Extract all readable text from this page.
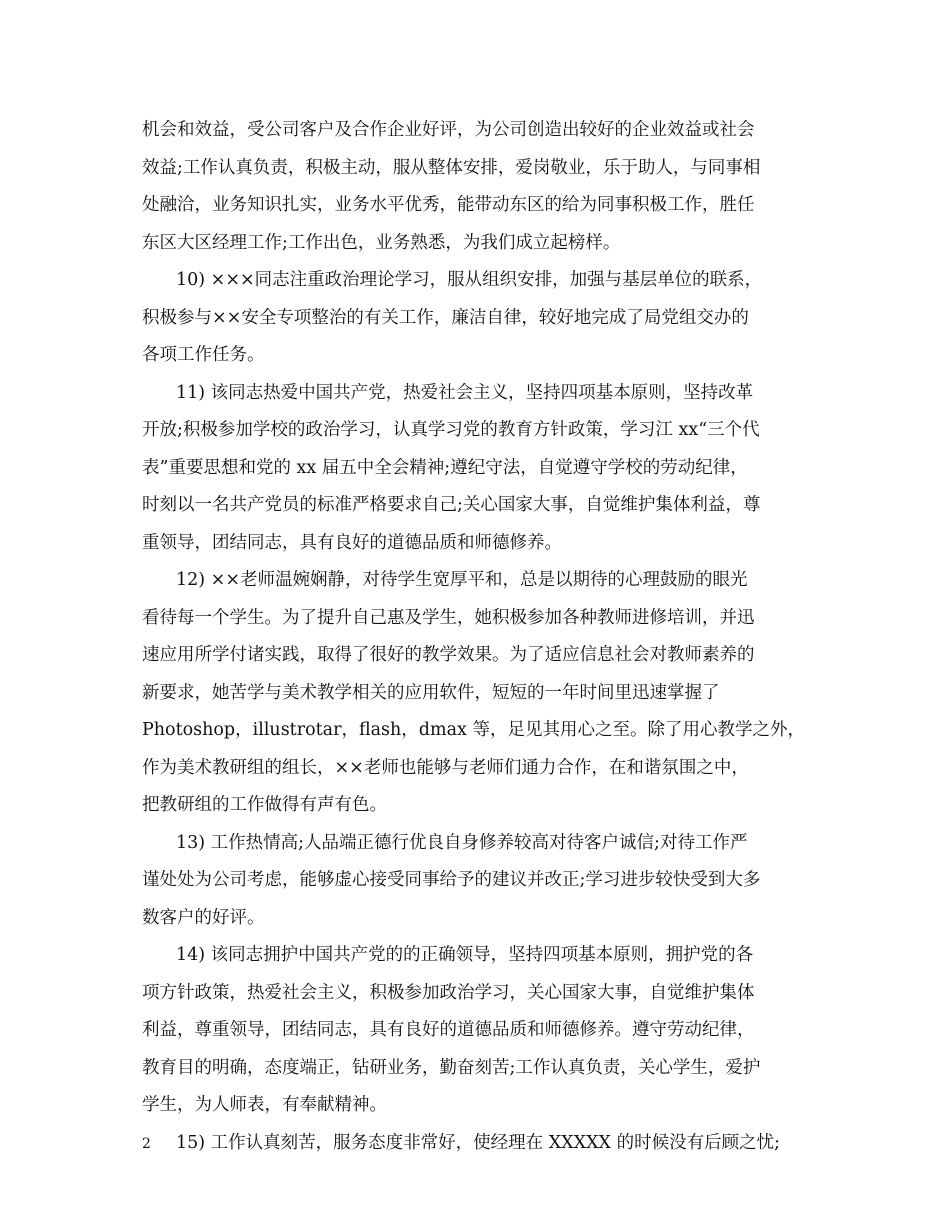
机会和效益，受公司客户及合作企业好评，为公司创造出较好的企业效益或社会
效益;工作认真负责，积极主动，服从整体安排，爱岗敬业，乐于助人，与同事相
处融洽，业务知识扎实，业务水平优秀，能带动东区的给为同事积极工作，胜任
东区大区经理工作;工作出色，业务熟悉，为我们成立起榜样。
10) ×××同志注重政治理论学习，服从组织安排，加强与基层单位的联系，
积极参与××安全专项整治的有关工作，廉洁自律，较好地完成了局党组交办的
各项工作任务。
11) 该同志热爱中国共产党，热爱社会主义，坚持四项基本原则，坚持改革
开放;积极参加学校的政治学习，认真学习党的教育方针政策，学习江 xx“三个代
表”重要思想和党的 xx 届五中全会精神;遵纪守法，自觉遵守学校的劳动纪律，
时刻以一名共产党员的标准严格要求自己;关心国家大事，自觉维护集体利益，尊
重领导，团结同志，具有良好的道德品质和师德修养。
12) ××老师温婉娴静，对待学生宽厚平和，总是以期待的心理鼓励的眼光
看待每一个学生。为了提升自己惠及学生，她积极参加各种教师进修培训，并迅
速应用所学付诸实践，取得了很好的教学效果。为了适应信息社会对教师素养的
新要求，她苦学与美术教学相关的应用软件，短短的一年时间里迅速掌握了
Photoshop，illustrotar，flash，dmax 等，足见其用心之至。除了用心教学之外，
作为美术教研组的组长，××老师也能够与老师们通力合作，在和谐氛围之中，
把教研组的工作做得有声有色。
13) 工作热情高;人品端正德行优良自身修养较高对待客户诚信;对待工作严
谨处处为公司考虑，能够虚心接受同事给予的建议并改正;学习进步较快受到大多
数客户的好评。
14) 该同志拥护中国共产党的的正确领导，坚持四项基本原则，拥护党的各
项方针政策，热爱社会主义，积极参加政治学习，关心国家大事，自觉维护集体
利益，尊重领导，团结同志，具有良好的道德品质和师德修养。遵守劳动纪律，
教育目的明确，态度端正，钻研业务，勤奋刻苦;工作认真负责，关心学生，爱护
学生，为人师表，有奉献精神。
15) 工作认真刻苦，服务态度非常好，使经理在 XXXXX 的时候没有后顾之忧;
2
